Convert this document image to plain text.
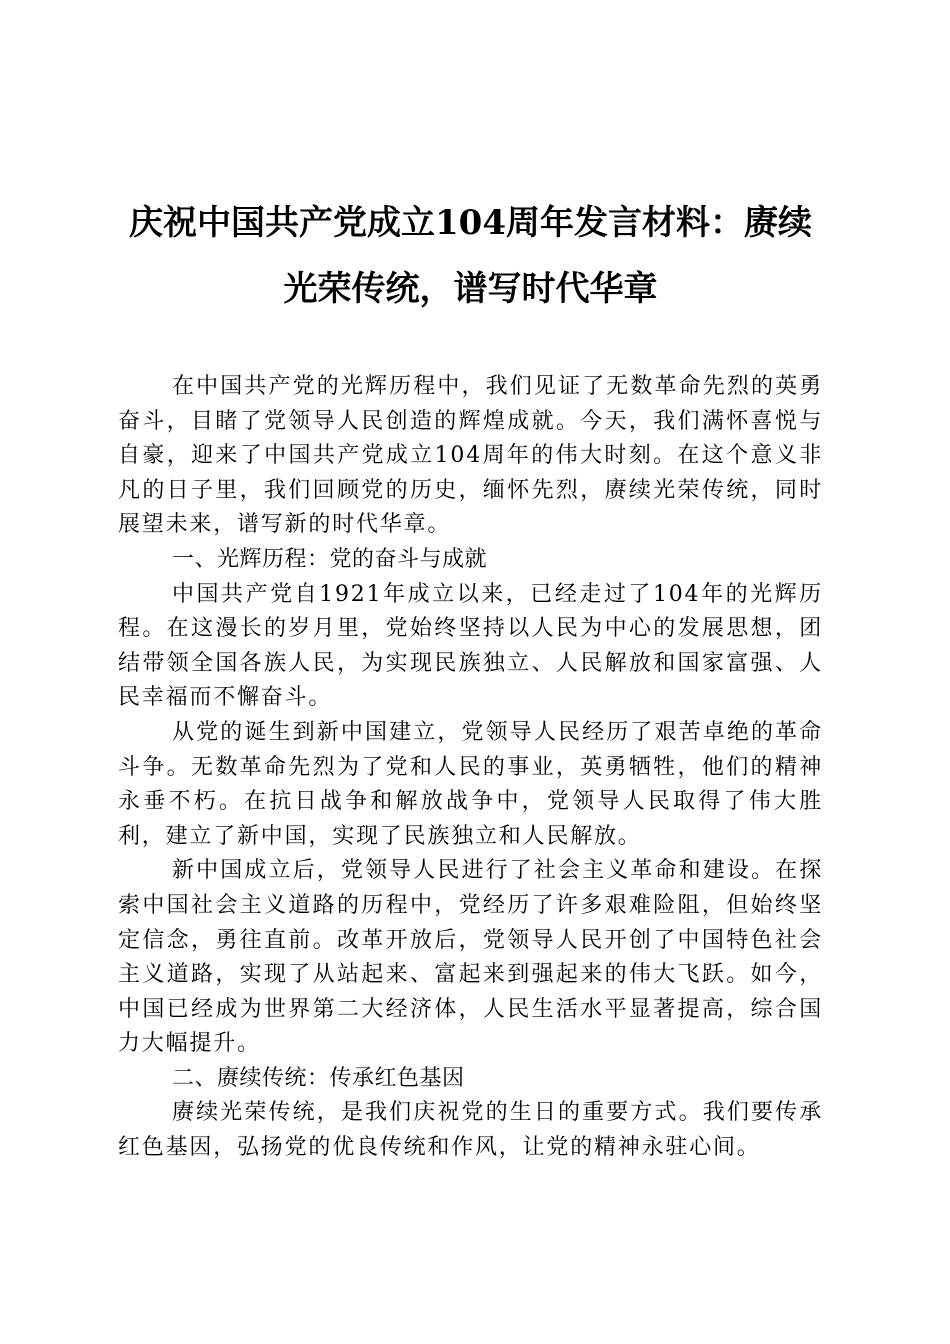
庆祝中国共产党成立104周年发言材料：赓续
光荣传统，谱写时代华章

在中国共产党的光辉历程中，我们见证了无数革命先烈的英勇奋斗，目睹了党领导人民创造的辉煌成就。今天，我们满怀喜悦与自豪，迎来了中国共产党成立104周年的伟大时刻。在这个意义非凡的日子里，我们回顾党的历史，缅怀先烈，赓续光荣传统，同时展望未来，谱写新的时代华章。

一、光辉历程：党的奋斗与成就

中国共产党自1921年成立以来，已经走过了104年的光辉历程。在这漫长的岁月里，党始终坚持以人民为中心的发展思想，团结带领全国各族人民，为实现民族独立、人民解放和国家富强、人民幸福而不懈奋斗。

从党的诞生到新中国建立，党领导人民经历了艰苦卓绝的革命斗争。无数革命先烈为了党和人民的事业，英勇牺牲，他们的精神永垂不朽。在抗日战争和解放战争中，党领导人民取得了伟大胜利，建立了新中国，实现了民族独立和人民解放。

新中国成立后，党领导人民进行了社会主义革命和建设。在探索中国社会主义道路的历程中，党经历了许多艰难险阻，但始终坚定信念，勇往直前。改革开放后，党领导人民开创了中国特色社会主义道路，实现了从站起来、富起来到强起来的伟大飞跃。如今，中国已经成为世界第二大经济体，人民生活水平显著提高，综合国力大幅提升。

二、赓续传统：传承红色基因

赓续光荣传统，是我们庆祝党的生日的重要方式。我们要传承红色基因，弘扬党的优良传统和作风，让党的精神永驻心间。
